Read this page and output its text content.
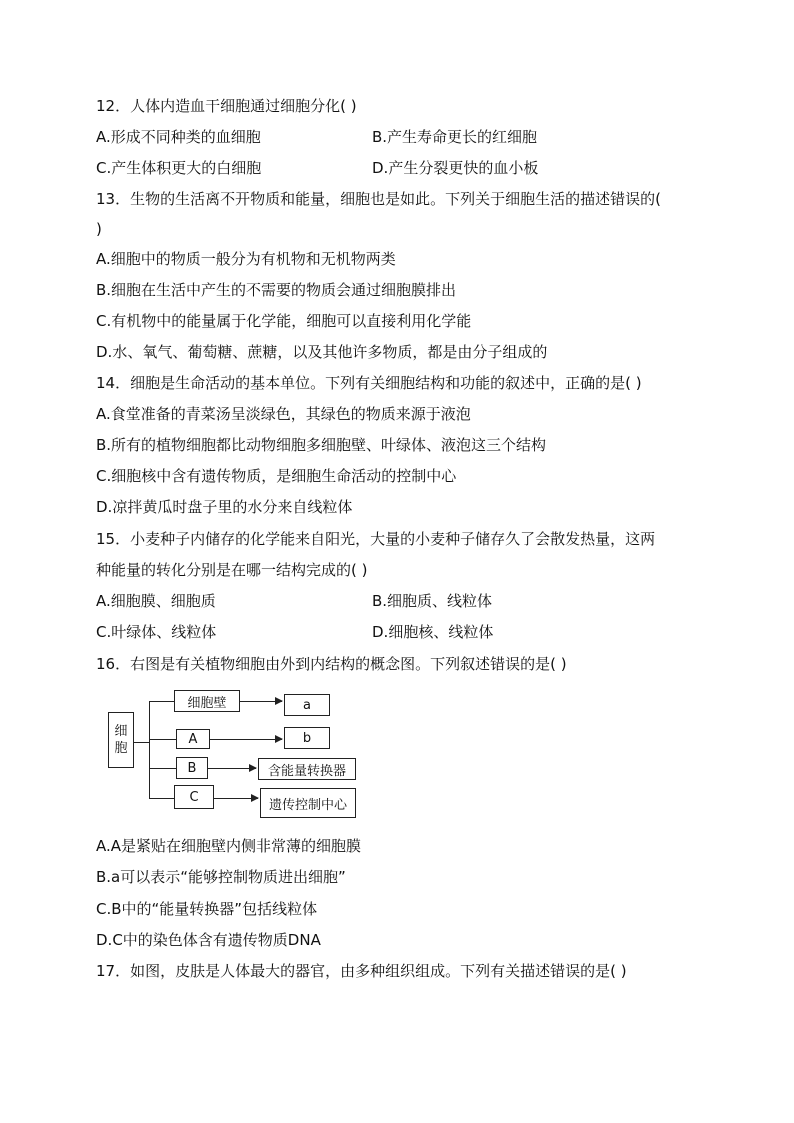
12．人体内造血干细胞通过细胞分化( )
A.形成不同种类的血细胞	B.产生寿命更长的红细胞
C.产生体积更大的白细胞	D.产生分裂更快的血小板
13．生物的生活离不开物质和能量，细胞也是如此。下列关于细胞生活的描述错误的(
)
A.细胞中的物质一般分为有机物和无机物两类
B.细胞在生活中产生的不需要的物质会通过细胞膜排出
C.有机物中的能量属于化学能，细胞可以直接利用化学能
D.水、氧气、葡萄糖、蔗糖，以及其他许多物质，都是由分子组成的
14．细胞是生命活动的基本单位。下列有关细胞结构和功能的叙述中，正确的是( )
A.食堂准备的青菜汤呈淡绿色，其绿色的物质来源于液泡
B.所有的植物细胞都比动物细胞多细胞壁、叶绿体、液泡这三个结构
C.细胞核中含有遗传物质，是细胞生命活动的控制中心
D.凉拌黄瓜时盘子里的水分来自线粒体
15．小麦种子内储存的化学能来自阳光，大量的小麦种子储存久了会散发热量，这两
种能量的转化分别是在哪一结构完成的( )
A.细胞膜、细胞质	B.细胞质、线粒体
C.叶绿体、线粒体	D.细胞核、线粒体
16．右图是有关植物细胞由外到内结构的概念图。下列叙述错误的是( )
细
胞
细胞壁	a
A	b
B	含能量转换器
C
遗传控制中心
A.A是紧贴在细胞壁内侧非常薄的细胞膜
B.a可以表示“能够控制物质进出细胞”
C.B中的“能量转换器”包括线粒体
D.C中的染色体含有遗传物质DNA
17．如图，皮肤是人体最大的器官，由多种组织组成。下列有关描述错误的是( )
